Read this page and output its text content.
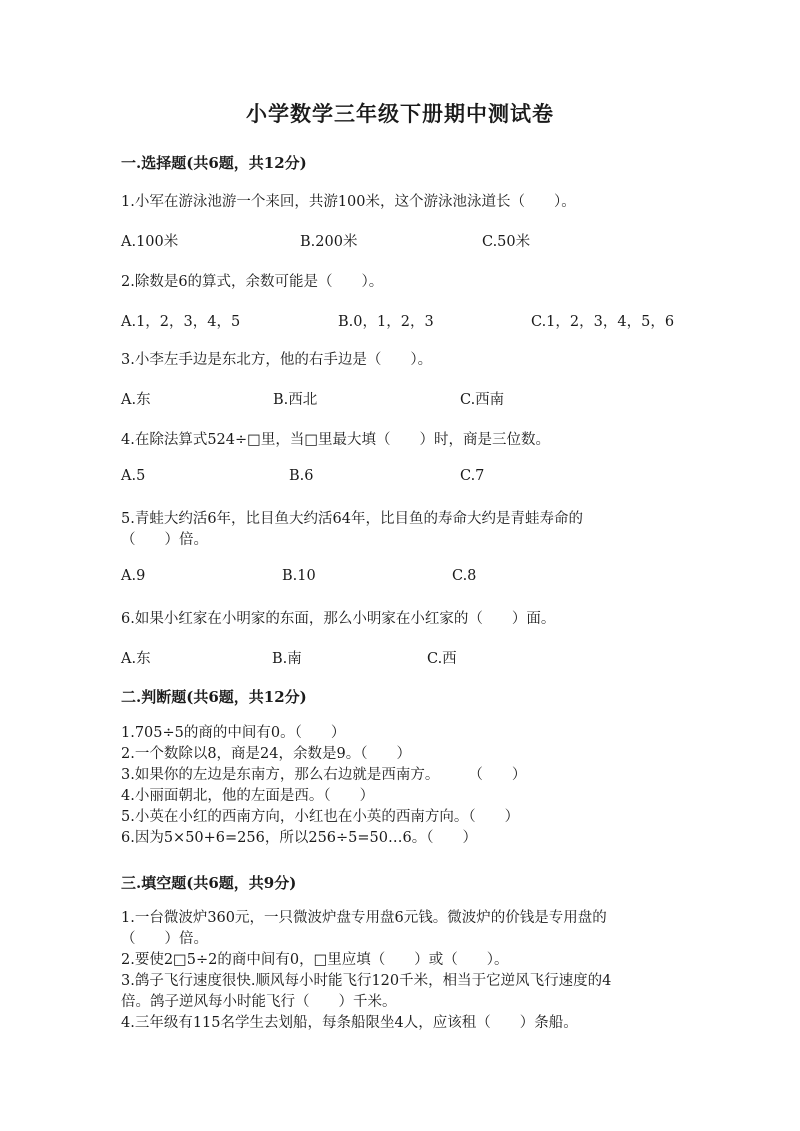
小学数学三年级下册期中测试卷
一.选择题(共6题，共12分)
1.小军在游泳池游一个来回，共游100米，这个游泳池泳道长（　　）。
A.100米	B.200米	C.50米
2.除数是6的算式，余数可能是（　　）。
A.1，2，3，4，5	B.0，1，2，3	C.1，2，3，4，5，6
3.小李左手边是东北方，他的右手边是（　　）。
A.东	B.西北	C.西南
4.在除法算式524÷□里，当□里最大填（　　）时，商是三位数。
A.5	B.6	C.7
5.青蛙大约活6年，比目鱼大约活64年，比目鱼的寿命大约是青蛙寿命的
（　　）倍。
A.9	B.10	C.8
6.如果小红家在小明家的东面，那么小明家在小红家的（　　）面。
A.东	B.南	C.西
二.判断题(共6题，共12分)
1.705÷5的商的中间有0。（　　）
2.一个数除以8，商是24，余数是9。（　　）
3.如果你的左边是东南方，那么右边就是西南方。　　　（　　）
4.小丽面朝北，他的左面是西。（　　）
5.小英在小红的西南方向，小红也在小英的西南方向。（　　）
6.因为5×50+6=256，所以256÷5=50…6。（　　）
三.填空题(共6题，共9分)
1.一台微波炉360元，一只微波炉盘专用盘6元钱。微波炉的价钱是专用盘的
（　　）倍。
2.要使2□5÷2的商中间有0，□里应填（　　）或（　　）。
3.鸽子飞行速度很快.顺风每小时能飞行120千米，相当于它逆风飞行速度的4
倍。鸽子逆风每小时能飞行（　　）千米。
4.三年级有115名学生去划船，每条船限坐4人，应该租（　　）条船。
